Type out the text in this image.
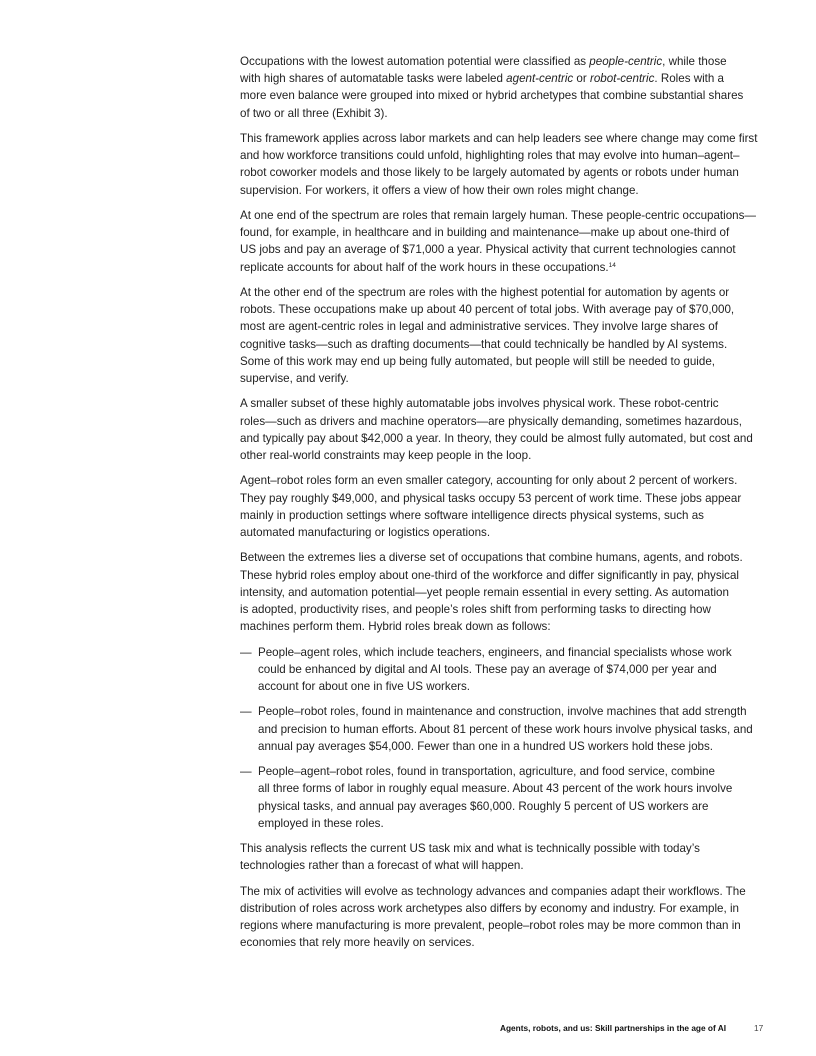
Occupations with the lowest automation potential were classified as people-centric, while those
with high shares of automatable tasks were labeled agent-centric or robot-centric. Roles with a
more even balance were grouped into mixed or hybrid archetypes that combine substantial shares
of two or all three (Exhibit 3).
This framework applies across labor markets and can help leaders see where change may come first
and how workforce transitions could unfold, highlighting roles that may evolve into human–agent–
robot coworker models and those likely to be largely automated by agents or robots under human
supervision. For workers, it offers a view of how their own roles might change.
At one end of the spectrum are roles that remain largely human. These people-centric occupations—
found, for example, in healthcare and in building and maintenance—make up about one-third of
US jobs and pay an average of $71,000 a year. Physical activity that current technologies cannot
replicate accounts for about half of the work hours in these occupations.$^{14}$
At the other end of the spectrum are roles with the highest potential for automation by agents or
robots. These occupations make up about 40 percent of total jobs. With average pay of $70,000,
most are agent-centric roles in legal and administrative services. They involve large shares of
cognitive tasks—such as drafting documents—that could technically be handled by AI systems.
Some of this work may end up being fully automated, but people will still be needed to guide,
supervise, and verify.
A smaller subset of these highly automatable jobs involves physical work. These robot-centric
roles—such as drivers and machine operators—are physically demanding, sometimes hazardous,
and typically pay about $42,000 a year. In theory, they could be almost fully automated, but cost and
other real-world constraints may keep people in the loop.
Agent–robot roles form an even smaller category, accounting for only about 2 percent of workers.
They pay roughly $49,000, and physical tasks occupy 53 percent of work time. These jobs appear
mainly in production settings where software intelligence directs physical systems, such as
automated manufacturing or logistics operations.
Between the extremes lies a diverse set of occupations that combine humans, agents, and robots.
These hybrid roles employ about one-third of the workforce and differ significantly in pay, physical
intensity, and automation potential—yet people remain essential in every setting. As automation
is adopted, productivity rises, and people’s roles shift from performing tasks to directing how
machines perform them. Hybrid roles break down as follows:
— People–agent roles, which include teachers, engineers, and financial specialists whose work
could be enhanced by digital and AI tools. These pay an average of $74,000 per year and
account for about one in five US workers.
— People–robot roles, found in maintenance and construction, involve machines that add strength
and precision to human efforts. About 81 percent of these work hours involve physical tasks, and
annual pay averages $54,000. Fewer than one in a hundred US workers hold these jobs.
— People–agent–robot roles, found in transportation, agriculture, and food service, combine
all three forms of labor in roughly equal measure. About 43 percent of the work hours involve
physical tasks, and annual pay averages $60,000. Roughly 5 percent of US workers are
employed in these roles.
This analysis reflects the current US task mix and what is technically possible with today’s
technologies rather than a forecast of what will happen.
The mix of activities will evolve as technology advances and companies adapt their workflows. The
distribution of roles across work archetypes also differs by economy and industry. For example, in
regions where manufacturing is more prevalent, people–robot roles may be more common than in
economies that rely more heavily on services.
Agents, robots, and us: Skill partnerships in the age of AI	17
